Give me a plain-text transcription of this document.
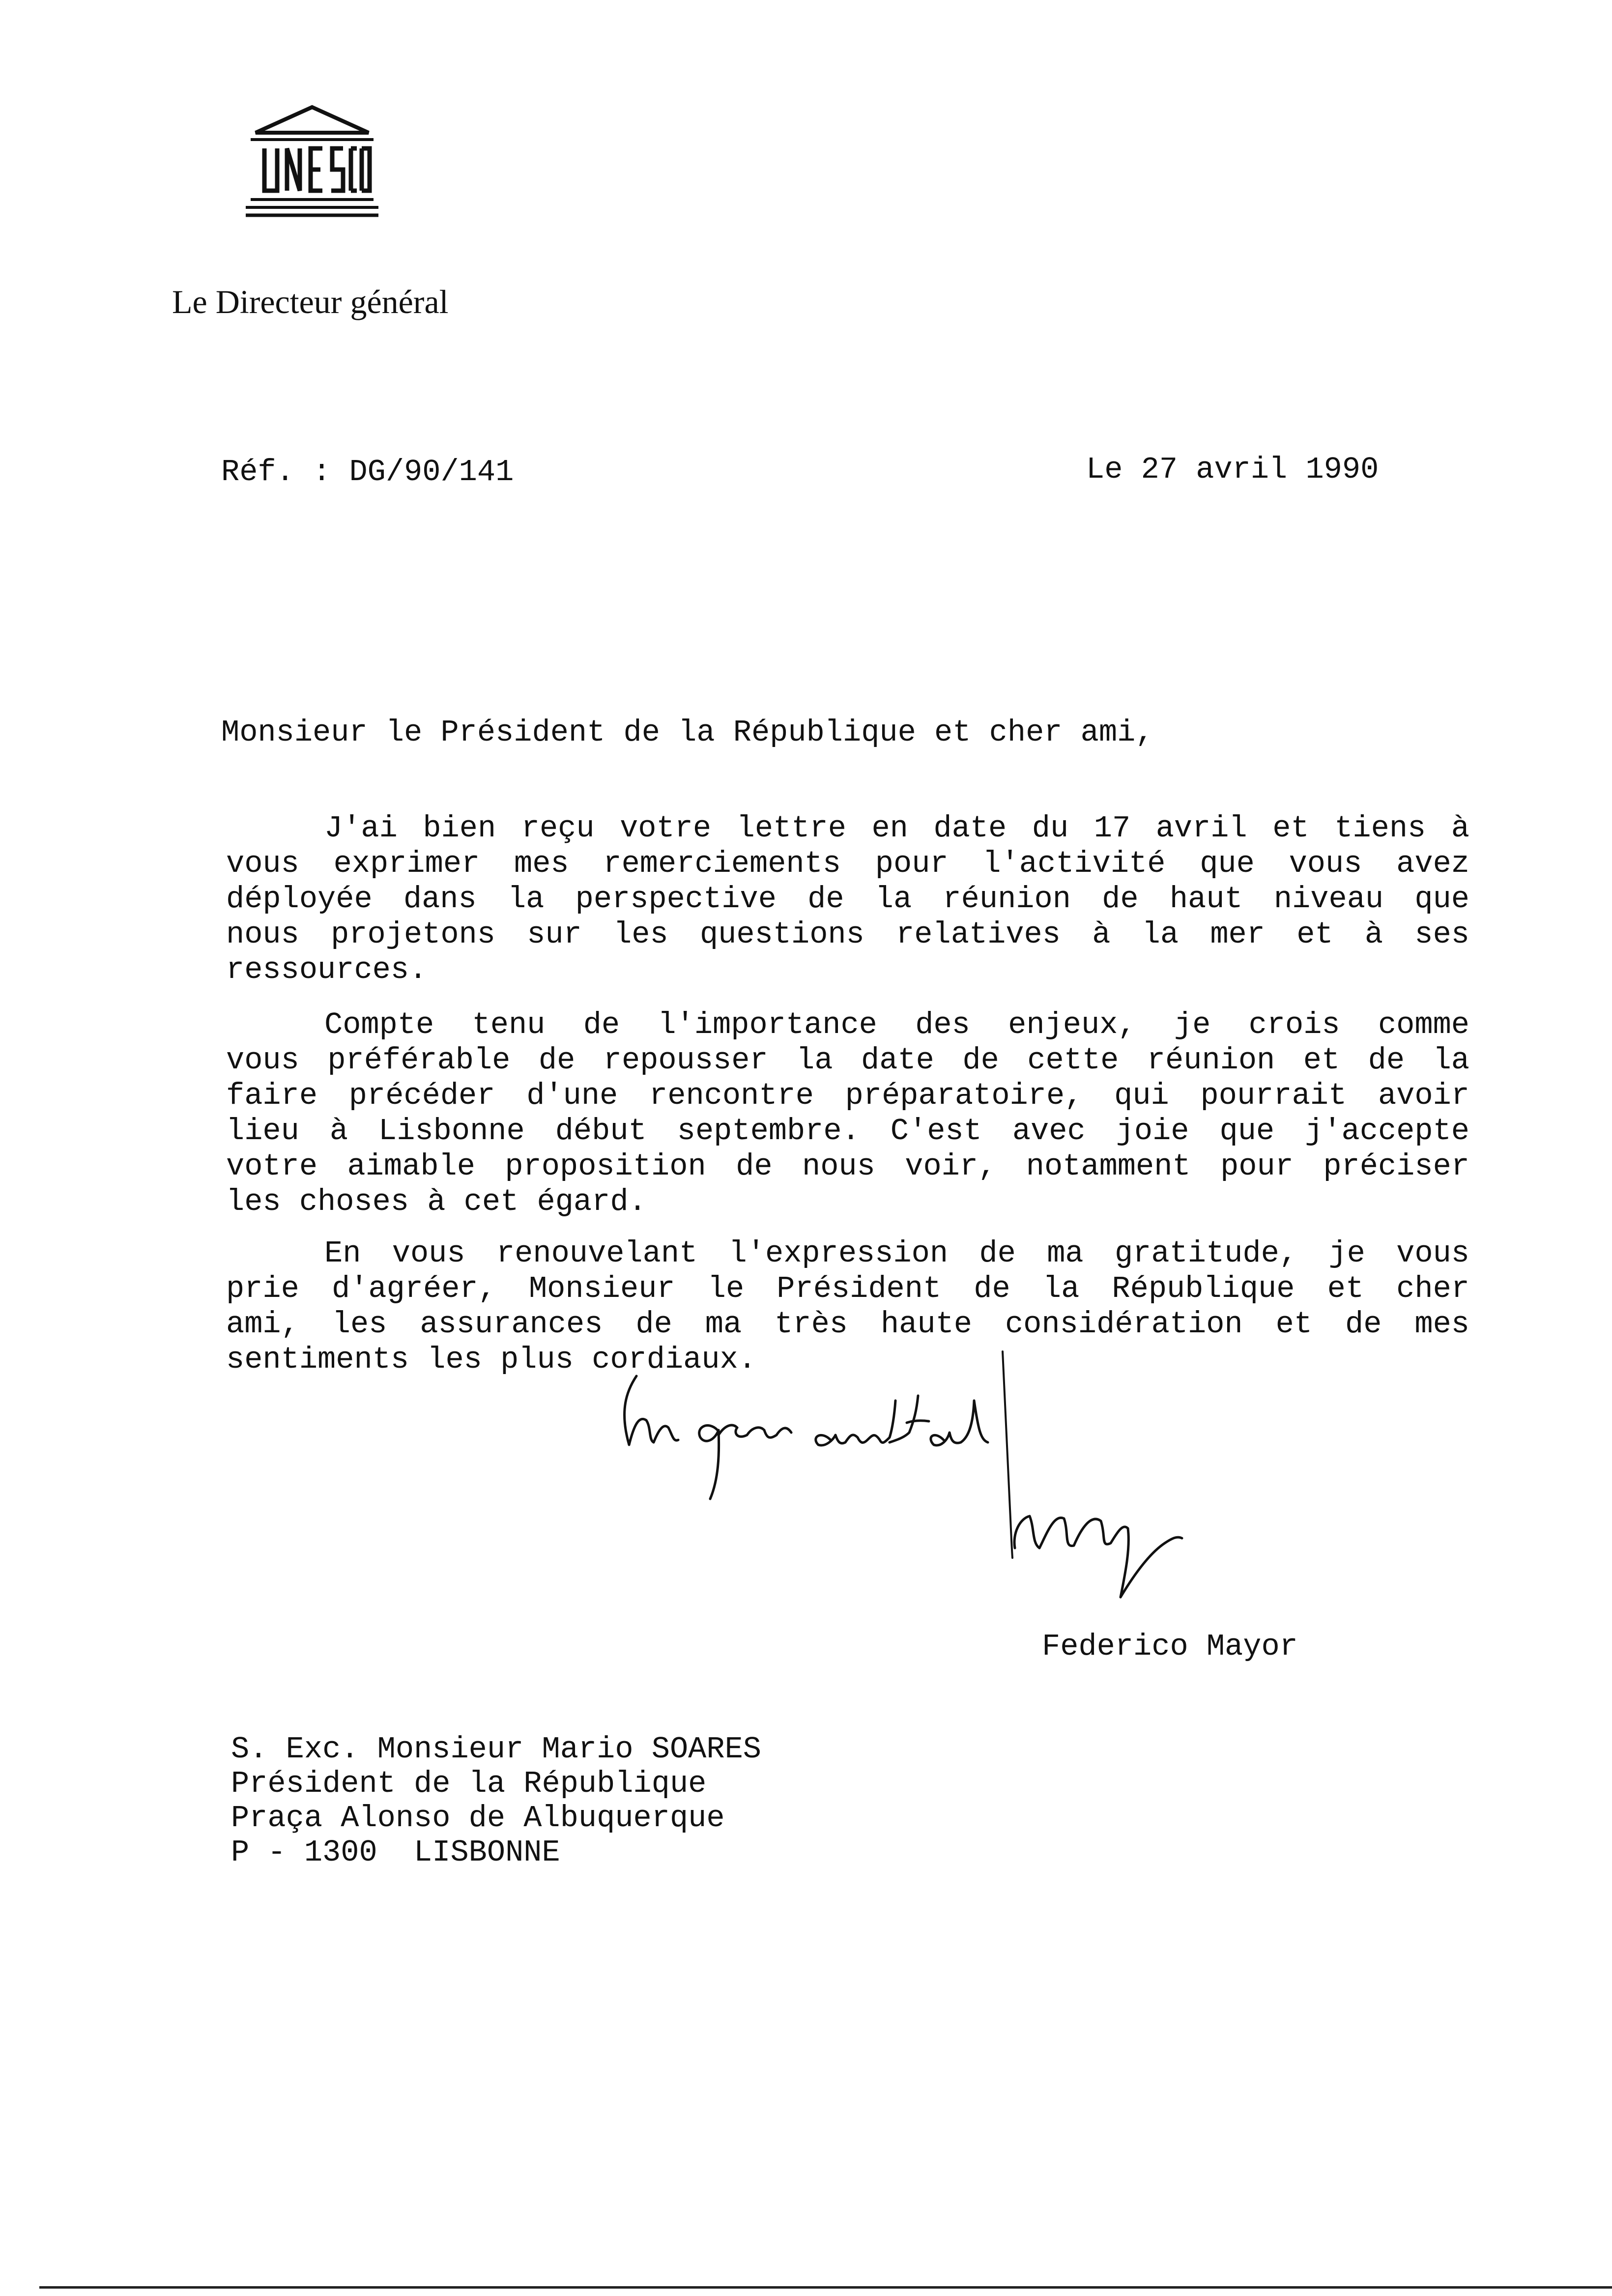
Le Directeur général
Réf. : DG/90/141	Le 27 avril 1990
Monsieur le Président de la République et cher ami,
J'ai bien reçu votre lettre en date du 17 avril et tiens à
vous exprimer mes remerciements pour l'activité que vous avez
déployée dans la perspective de la réunion de haut niveau que
nous projetons sur les questions relatives à la mer et à ses
ressources.
Compte tenu de l'importance des enjeux, je crois comme
vous préférable de repousser la date de cette réunion et de la
faire précéder d'une rencontre préparatoire, qui pourrait avoir
lieu à Lisbonne début septembre. C'est avec joie que j'accepte
votre aimable proposition de nous voir, notamment pour préciser
les choses à cet égard.
En vous renouvelant l'expression de ma gratitude, je vous
prie d'agréer, Monsieur le Président de la République et cher
ami, les assurances de ma très haute considération et de mes
sentiments les plus cordiaux.
Federico Mayor
S. Exc. Monsieur Mario SOARES
Président de la République
Praça Alonso de Albuquerque
P - 1300  LISBONNE
